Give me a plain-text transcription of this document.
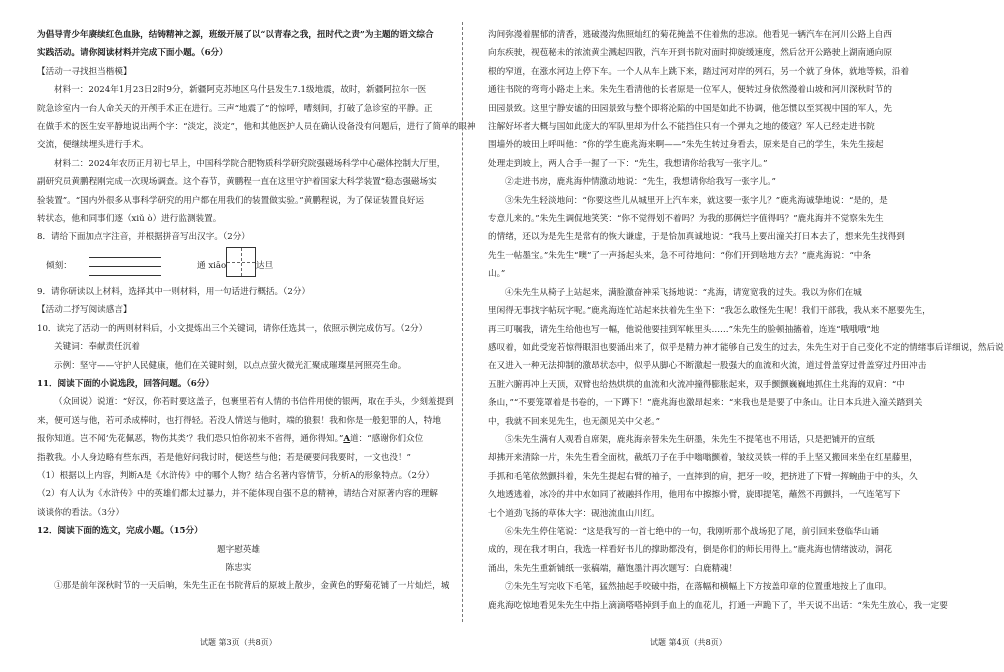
为倡导青少年赓续红色血脉，结铸精神之源，班级开展了以“以青春之我，扭时代之责”为主题的语文综合

实践活动。请你阅读材料并完成下面小题。（6分）

【活动一寻找担当楷模】

材料一：2024年1月23日2时9分，新疆阿克苏地区乌什县发生7.1级地震，故时，新疆阿拉尔一医

院急诊室内一台人命关天的开颅手术正在进行。三声“地震了”的惊呼，嘈刻间，打破了急诊室的平静。正

在做手术的医生安平静地说出两个字：“淡定，淡定”，他和其他医护人员在确认设备没有问题后，进行了简单的眼神

交流，便继续埋头进行手术。

材料二：2024年农历正月初七早上，中国科学院合肥物质科学研究院强磁场科学中心磁体控制大厅里，

副研究员黄鹏程刚完成一次现场调查。这个春节，黄鹏程一直在这里守护着国家大科学装置“稳态强磁场实

验装置”。“国内外很多从事科学研究的用户都在用我们的装置做实验。”黄鹏程说，为了保证装置良好运

转状态，他和同事们逐（xiǔ ò）进行监测装置。

8．请给下面加点字注音，并根据拼音写出汉字。（2分）

倾刻：	通 xiāo	达旦

9．请你研读以上材料，选择其中一则材料，用一句话进行概括。（2分）

【活动二抒写阅读感言】

10．读完了活动一的两则材料后，小文提炼出三个关键词，请你任选其一，依照示例完成仿写。（2分）

关键词：奉献责任沉着

示例：坚守——守护人民健康，他们在关键时刻，以点点萤火微光汇聚成璀璨星河照亮生命。

11．阅读下面的小说选段，回答问题。（6分）

（众回说）说道：“好汉，你若时要这盖子，包裹里若有人情的书信件用使的银两，取在手头，少刻羞提到

来，便可送与他，若可杀成棒时，也打得轻。若没人情送与他时，端的狼狠！我和你是一般犯罪的人，特地

报你知道。岂不闻‘先花佩恶，物伤其类’？我们恐只怕你初来不省得，通你得知。”A道：“感谢你们众位

指教我。小人身边略有些东西，若是他好问我讨时，便送些与他；若是硬要问我要时，一文也没！”

（1）根据以上内容，判断A是《水浒传》中的哪个人物？结合名著内容情节，分析A的形象特点。（2分）

（2）有人认为《水浒传》中的英雄们都太过暴力，并不能体现自强不息的精神，请结合对原著内容的理解

谈谈你的看法。（3分）

12．阅读下面的选文，完成小题。（15分）

题字慰英雄

陈忠实

①那是前年深秋时节的一天后晌，朱先生正在书院背后的原坡上散步，金黄色的野菊花铺了一片灿烂，城

沟间弥漫着腥郁的清香，逃破漫沟焦照灿红的菊花掩盖不住着焦的悲凉。他看见一辆汽车在河川公路上自西

向东疾驶，视苞秘未的浓流黄尘溅起四散，汽车开到书院对面时抑旋缓速度，然后岔开公路驶上湖南通向原

根的窄道，在涨水河边上停下车。一个人从车上跳下来，踏过河对岸的列石，另一个就了身体，就地等候，沿着

通往书院的弯弯小路走上来。朱先生看清他的长者原是一位军人，便转过身依然漫着山坡和河川深秋时节的

田园景致。这里宁静安谧的田园景致与整个即将沦陷的中国是如此不协调，他怎惯以至冥视中国的军人，先

注解好坏者大概与国如此庞大的军队里却为什么不能挡住只有一个弹丸之地的倭寇？军人已经走进书院

围墙外的坡田上呼叫他：“你的学生鹿兆海来啊——”朱先生转过身看去，原来是自己的学生，朱先生接起

处理走到坡上，两人合手一握了一下：“先生，我想请你给我写一张字儿。”

②走进书房，鹿兆海仲情激动地说：“先生，我想请你给我写一张字儿。”

③朱先生轻淡地问：“你要这些儿从城里开上汽车来，就这要一张字儿？”鹿兆海诚挚地说：“是的，是

专意儿来的。”朱先生调侃地笑笑：“你不觉得划不着吗？为我的那俩烂字值得吗？”鹿兆海并不觉察朱先生

的情绪，还以为是先生是常有的恢大谦虚，于是恰加真诚地说：“我马上要出潼关打日本去了，想来先生找得到

先生一帖墨宝。”朱先生“噢”了一声扬起头来，急不可待地问：“你们开到啥地方去？”鹿兆海说：“中条

山。”

④朱先生从椅子上站起来，满脸激奋神采飞扬地说：“兆海，请宽宽我的过失。我以为你们在城

里闲得无事找字帖玩字呢。”鹿兆海连忙站起来扶着先生坐下：“我怎么敢怪先生呢！我们干部我，我从来不愿要先生，

再三叮嘱我，请先生给他也写一幅，他说他要挂到军帐里头……”朱先生的脸顿抽搐着，连连“哦哦哦”地

感叹着，如此受宠若惊得眼泪也要涌出来了，似乎是精力神才能够自己发生的过去，朱先生对于自己变化不定的情绪事后详细说，然后说

在又进入一种无法抑制的激昂状态中，似乎从脚心不断激起一股强大的血流和火流，道过骨盖穿过骨盖穿过丹田冲击

五脏六腑再冲上天顶，双臂也给热烘烘的血流和火流冲撞得膨胀起来，双手颤颤巍巍地抓住土兆海的双肩：“中

条山，”“不要笼罩着是书卷的，一下蹲下！”鹿兆海也激昂起来：“来我也是是要了中条山。让日本兵进入潼关踏到关

中，我就不回来见先生，也无颜见关中父老。”

⑤朱先生满有人观看自席架，鹿兆海亲替朱先生研墨，朱先生不提笔也不用话，只是把铺开的宣纸

却拂开来清除一片，朱先生看全面枕，截纸刀子在手中嗡嗡颤着，皱纹灵铁一样的手上坚又搬回来坐在红星藤里，

手抓和毛笔依然颤抖着，朱先生提起右臂的袖子，一直摔到的肩，把牙一咬，把挤进了下臂一挥蜿曲于中的头，久

久地透逃着，冰冷的井中水如同了被融抖作用，他用布中擦擦小臂，旋即提笔，蘸然不再颤抖，一气连笔写下

七个道劲飞扬的草体大字：砚池流血山川红。

⑥朱先生停住笔说：“这是我写的一首七绝中的一句，我刚听那个战场犯了尾，前引回来登临华山诵

成的，现在我才明白，我选一样看好书儿的撑助都没有，倒是你们的师长用得上。”鹿兆海也情绪波动，洞花

涌出，朱先生重新铺纸一张稿端，蘸饱墨汁再次题写：白鹿精魂！

⑦朱先生写完收下毛笔，猛然抽起手咬破中指，在落幅和横幅上下方按盖印章的位置重地按上了血印。

鹿兆海吃惊地看见朱先生中指上滴滴嗒嗒掉到手血上的血花儿，打通一声跪下了，半天说不出话：“朱先生放心，我一定要

试题 第3页（共8页）	试题 第4页（共8页）
